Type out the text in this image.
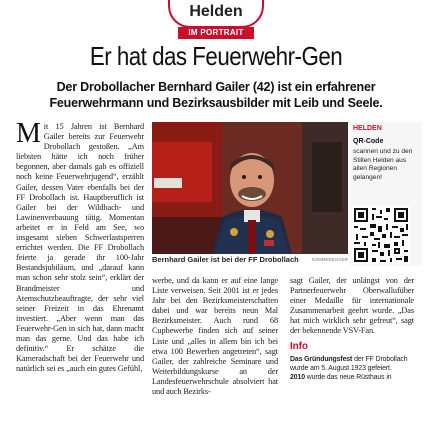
Helden
IM PORTRAIT
Er hat das Feuerwehr-Gen
Der Drobollacher Bernhard Gailer (42) ist ein erfahrener
Feuerwehrmann und Bezirksausbilder mit Leib und Seele.
Mit 15 Jahren ist Bernhard Gailer bereits zur Feuerwehr Drobollach gestoßen. „Am liebsten hätte ich noch früher begonnen, aber damals gab es offiziell noch keine Feuerwehrjugend“, erzählt Gailer, dessen Vater ebenfalls bei der FF Drobollach ist. Hauptberuflich ist Gailer bei der Wildbach- und Lawinenverbauung tätig. Momentan arbeitet er in Feld am See, wo insgesamt sieben Schwerlastsperren errichtet werden. Die FF Drobollach feierte ja gerade ihr 100-Jahr Bestandsjubiläum, und „darauf kann man schon sehr stolz sein“, erklärt der Brandmeister und Atemschutzbeauftragte, der sehr viel seiner Freizeit in das Ehrenamt investiert. „Aber wenn man das Feuerwehr-Gen in sich hat, dann macht man das gerne. Und das habe ich definitiv.“ Er schätze die Kameradschaft bei der Feuerwehr und natürlich sei es „auch ein gutes Gefühl,
Bernhard Gailer ist bei der FF Drobollach	SOMMEREGGER
HELDEN
QR-Code
scannen und zu den Stillen Helden aus allen Regionen gelangen!

werbe, und da kann er auf eine lange Liste verweisen. Seit 2001 ist er jedes Jahr bei den Bezirksmeisterschaften dabei und war bereits neun Mal Bezirksmeister. Auch rund 68 Cupbewerbe finden sich auf seiner Liste und „alles in allem bin ich bei etwa 100 Bewerben angetreten“, sagt Gailer, der zahlreiche Seminare und Weiterbildungskurse an der Landesfeuerwehrschule absolviert hat und auch Bezirks-

sagt Gailer, der unlängst von der Partnerfeuerwehr Oberwallufüber einer Medaille für internationale Zusammenarbeit geehrt wurde. „Das hat mich wirklich sehr gefreut“, sagt der bekennende VSV-Fan.

Info
Das Gründungsfest der FF Drobollach wurde am 5. August 1923 gefeiert.
2010 wurde das neue Rüsthaus in
